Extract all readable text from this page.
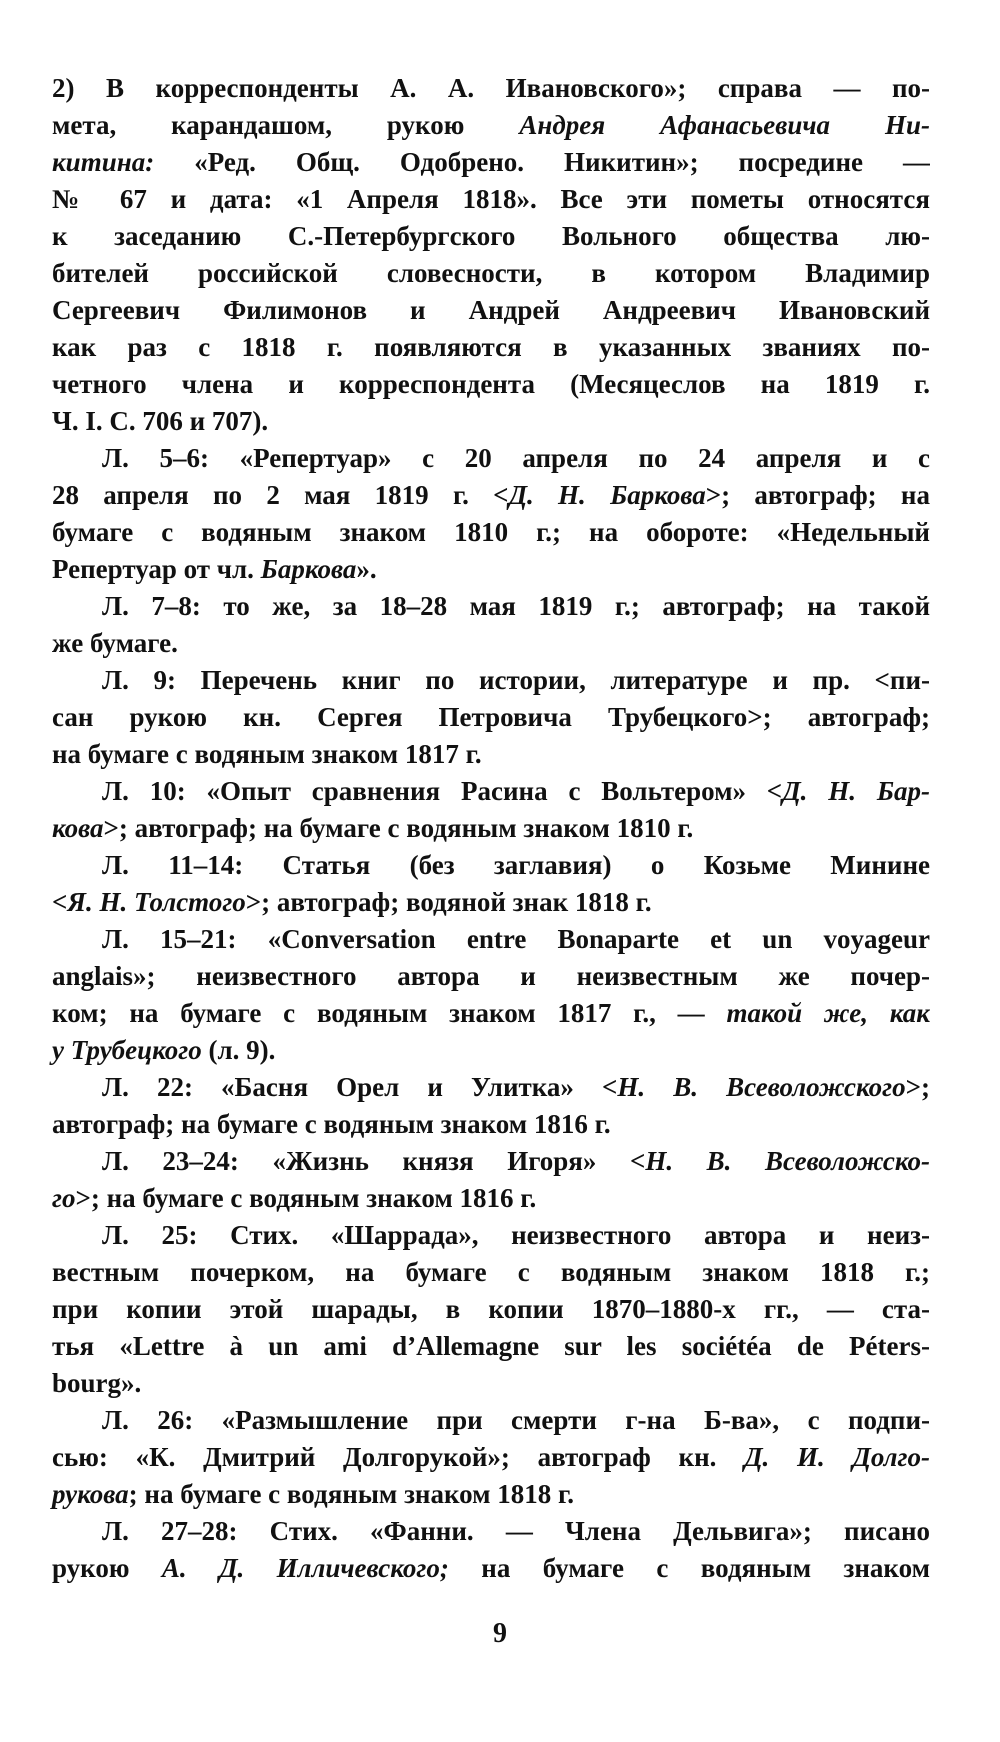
2) В корреспонденты А. А. Ивановского»; справа — по-
мета, карандашом, рукою Андрея Афанасьевича Ни-
китина: «Ред. Общ. Одобрено. Никитин»; посредине —
№ 67 и дата: «1 Апреля 1818». Все эти пометы относятся
к заседанию С.-Петербургского Вольного общества лю-
бителей российской словесности, в котором Владимир
Сергеевич Филимонов и Андрей Андреевич Ивановский
как раз с 1818 г. появляются в указанных званиях по-
четного члена и корреспондента (Месяцеслов на 1819 г.
Ч. I. С. 706 и 707).
Л. 5–6: «Репертуар» с 20 апреля по 24 апреля и с
28 апреля по 2 мая 1819 г. <Д. Н. Баркова>; автограф; на
бумаге с водяным знаком 1810 г.; на обороте: «Недельный
Репертуар от чл. Баркова».
Л. 7–8: то же, за 18–28 мая 1819 г.; автограф; на такой
же бумаге.
Л. 9: Перечень книг по истории, литературе и пр. <пи-
сан рукою кн. Сергея Петровича Трубецкого>; автограф;
на бумаге с водяным знаком 1817 г.
Л. 10: «Опыт сравнения Расина с Вольтером» <Д. Н. Бар-
кова>; автограф; на бумаге с водяным знаком 1810 г.
Л. 11–14: Статья (без заглавия) о Козьме Минине
<Я. Н. Толстого>; автограф; водяной знак 1818 г.
Л. 15–21: «Conversation entre Bonaparte et un voyageur
anglais»; неизвестного автора и неизвестным же почер-
ком; на бумаге с водяным знаком 1817 г., — такой же, как
у Трубецкого (л. 9).
Л. 22: «Басня Орел и Улитка» <Н. В. Всеволожского>;
автограф; на бумаге с водяным знаком 1816 г.
Л. 23–24: «Жизнь князя Игоря» <Н. В. Всеволожско-
го>; на бумаге с водяным знаком 1816 г.
Л. 25: Стих. «Шаррада», неизвестного автора и неиз-
вестным почерком, на бумаге с водяным знаком 1818 г.;
при копии этой шарады, в копии 1870–1880-х гг., — ста-
тья «Lettre à un ami d’Allemagne sur les sociétéa de Péters-
bourg».
Л. 26: «Размышление при смерти г-на Б-ва», с подпи-
сью: «К. Дмитрий Долгорукой»; автограф кн. Д. И. Долго-
рукова; на бумаге с водяным знаком 1818 г.
Л. 27–28: Стих. «Фанни. — Члена Дельвига»; писано
рукою А. Д. Илличевского; на бумаге с водяным знаком
9
